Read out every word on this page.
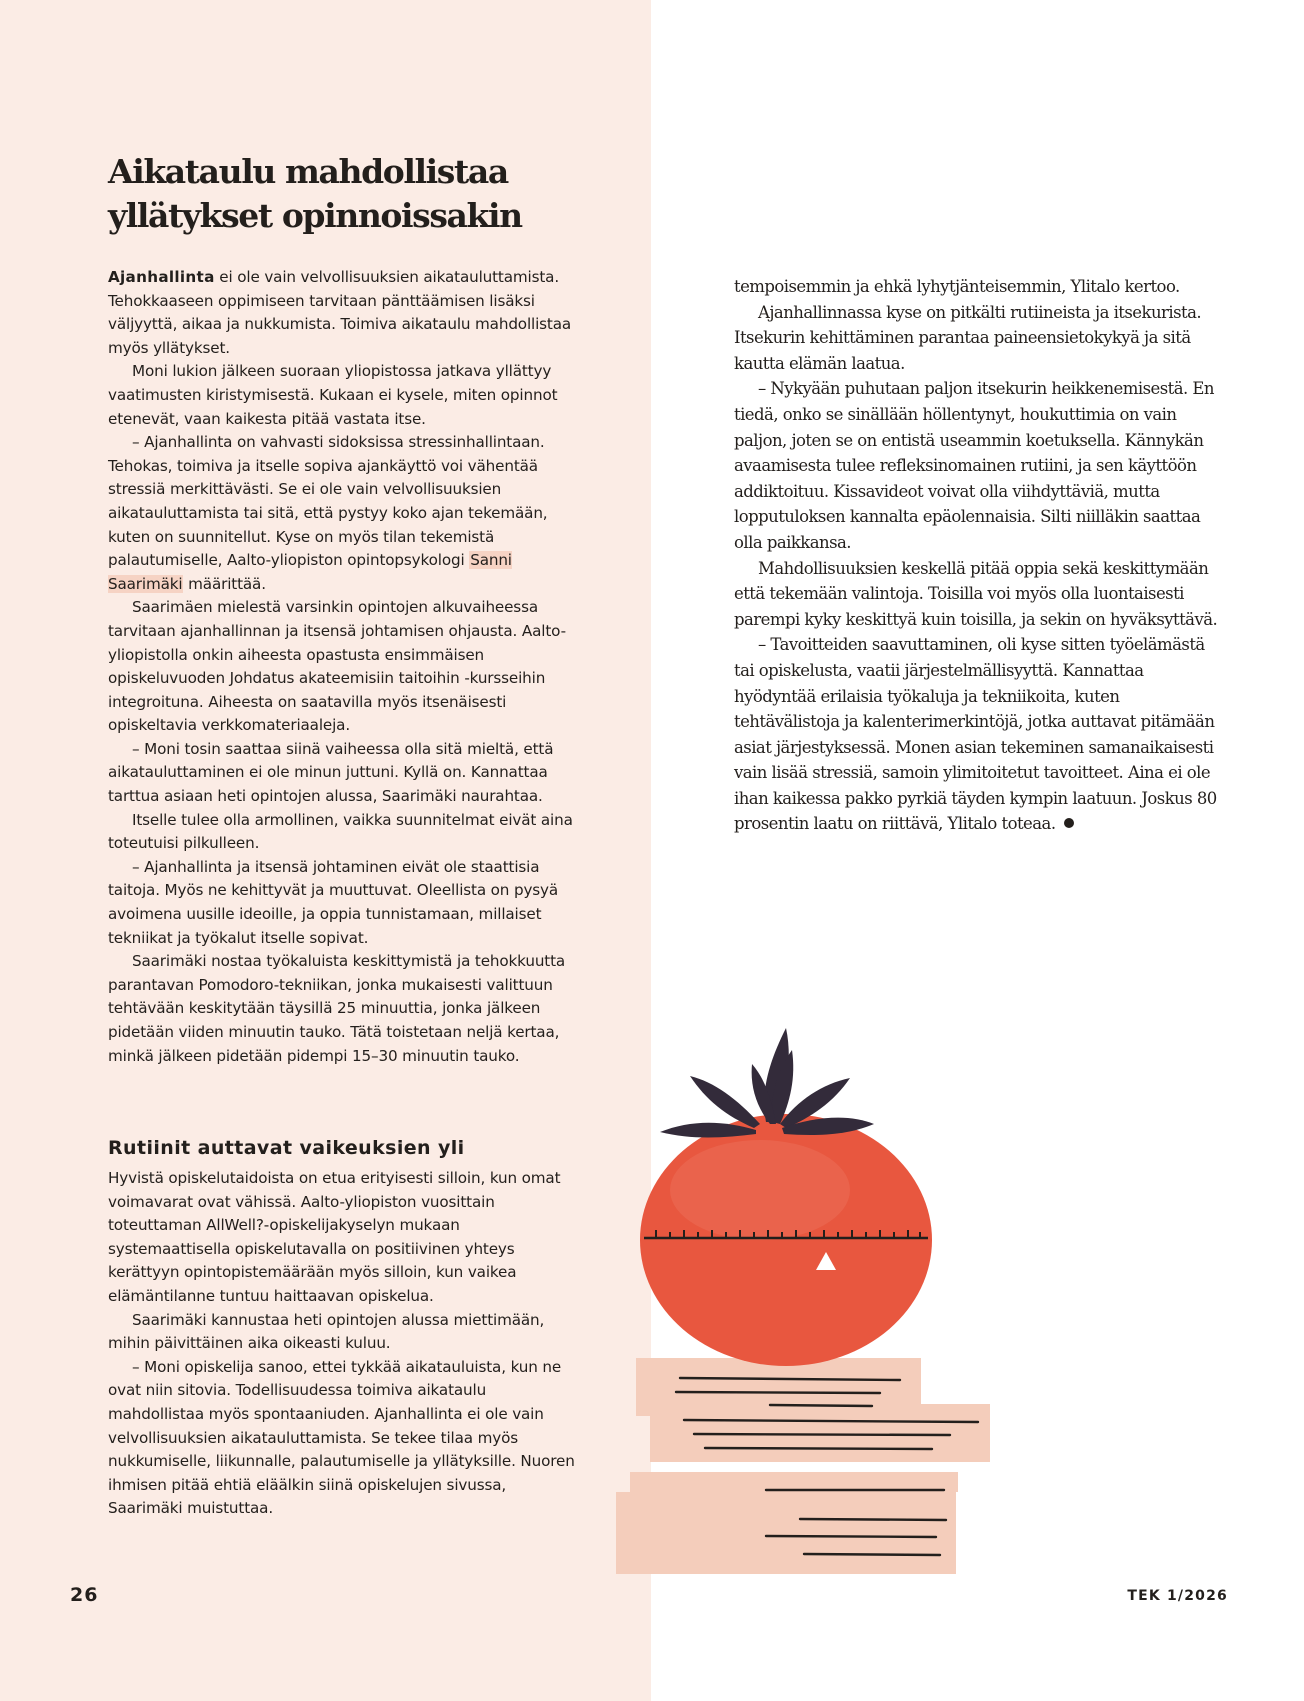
Aikataulu mahdollistaa yllätykset opinnoissakin

Ajanhallinta ei ole vain velvollisuuksien aikatauluttamista. Tehokkaaseen oppimiseen tarvitaan pänttäämisen lisäksi väljyyttä, aikaa ja nukkumista. Toimiva aikataulu mahdollistaa myös yllätykset.

Moni lukion jälkeen suoraan yliopistossa jatkava yllättyy vaatimusten kiristymisestä. Kukaan ei kysele, miten opinnot etenevät, vaan kaikesta pitää vastata itse.

– Ajanhallinta on vahvasti sidoksissa stressinhallintaan. Tehokas, toimiva ja itselle sopiva ajankäyttö voi vähentää stressiä merkittävästi. Se ei ole vain velvollisuuksien aikatauluttamista tai sitä, että pystyy koko ajan tekemään, kuten on suunnitellut. Kyse on myös tilan tekemistä palautumiselle, Aalto-yliopiston opintopsykologi Sanni Saarimäki määrittää.

Saarimäen mielestä varsinkin opintojen alkuvaiheessa tarvitaan ajanhallinnan ja itsensä johtamisen ohjausta. Aalto-yliopistolla onkin aiheesta opastusta ensimmäisen opiskeluvuoden Johdatus akateemisiin taitoihin -kursseihin integroituna. Aiheesta on saatavilla myös itsenäisesti opiskeltavia verkkomateriaaleja.

– Moni tosin saattaa siinä vaiheessa olla sitä mieltä, että aikatauluttaminen ei ole minun juttuni. Kyllä on. Kannattaa tarttua asiaan heti opintojen alussa, Saarimäki naurahtaa.

Itselle tulee olla armollinen, vaikka suunnitelmat eivät aina toteutuisi pilkulleen.

– Ajanhallinta ja itsensä johtaminen eivät ole staattisia taitoja. Myös ne kehittyvät ja muuttuvat. Oleellista on pysyä avoimena uusille ideoille, ja oppia tunnistamaan, millaiset tekniikat ja työkalut itselle sopivat.

Saarimäki nostaa työkaluista keskittymistä ja tehokkuutta parantavan Pomodoro-tekniikan, jonka mukaisesti valittuun tehtävään keskitytään täysillä 25 minuuttia, jonka jälkeen pidetään viiden minuutin tauko. Tätä toistetaan neljä kertaa, minkä jälkeen pidetään pidempi 15–30 minuutin tauko.

Rutiinit auttavat vaikeuksien yli

Hyvistä opiskelutaidoista on etua erityisesti silloin, kun omat voimavarat ovat vähissä. Aalto-yliopiston vuosittain toteuttaman AllWell?-opiskelijakyselyn mukaan systemaattisella opiskelutavalla on positiivinen yhteys kerättyyn opintopistemäärään myös silloin, kun vaikea elämäntilanne tuntuu haittaavan opiskelua.

Saarimäki kannustaa heti opintojen alussa miettimään, mihin päivittäinen aika oikeasti kuluu.

– Moni opiskelija sanoo, ettei tykkää aikatauluista, kun ne ovat niin sitovia. Todellisuudessa toimiva aikataulu mahdollistaa myös spontaaniuden. Ajanhallinta ei ole vain velvollisuuksien aikatauluttamista. Se tekee tilaa myös nukkumiselle, liikunnalle, palautumiselle ja yllätyksille. Nuoren ihmisen pitää ehtiä eläälkin siinä opiskelujen sivussa, Saarimäki muistuttaa.

tempoisemmin ja ehkä lyhytjänteisemmin, Ylitalo kertoo.

Ajanhallinnassa kyse on pitkälti rutiineista ja itsekurista. Itsekurin kehittäminen parantaa paineensietokykyä ja sitä kautta elämän laatua.

– Nykyään puhutaan paljon itsekurin heikkenemisestä. En tiedä, onko se sinällään höllentynyt, houkuttimia on vain paljon, joten se on entistä useammin koetuksella. Kännykän avaamisesta tulee refleksinomainen rutiini, ja sen käyttöön addiktoituu. Kissavideot voivat olla viihdyttäviä, mutta lopputuloksen kannalta epäolennaisia. Silti niilläkin saattaa olla paikkansa.

Mahdollisuuksien keskellä pitää oppia sekä keskittymään että tekemään valintoja. Toisilla voi myös olla luontaisesti parempi kyky keskittyä kuin toisilla, ja sekin on hyväksyttävä.

– Tavoitteiden saavuttaminen, oli kyse sitten työelämästä tai opiskelusta, vaatii järjestelmällisyyttä. Kannattaa hyödyntää erilaisia työkaluja ja tekniikoita, kuten tehtävälistoja ja kalenterimerkintöjä, jotka auttavat pitämään asiat järjestyksessä. Monen asian tekeminen samanaikaisesti vain lisää stressiä, samoin ylimitoitetut tavoitteet. Aina ei ole ihan kaikessa pakko pyrkiä täyden kympin laatuun. Joskus 80 prosentin laatu on riittävä, Ylitalo toteaa.

26	TEK 1/2026
